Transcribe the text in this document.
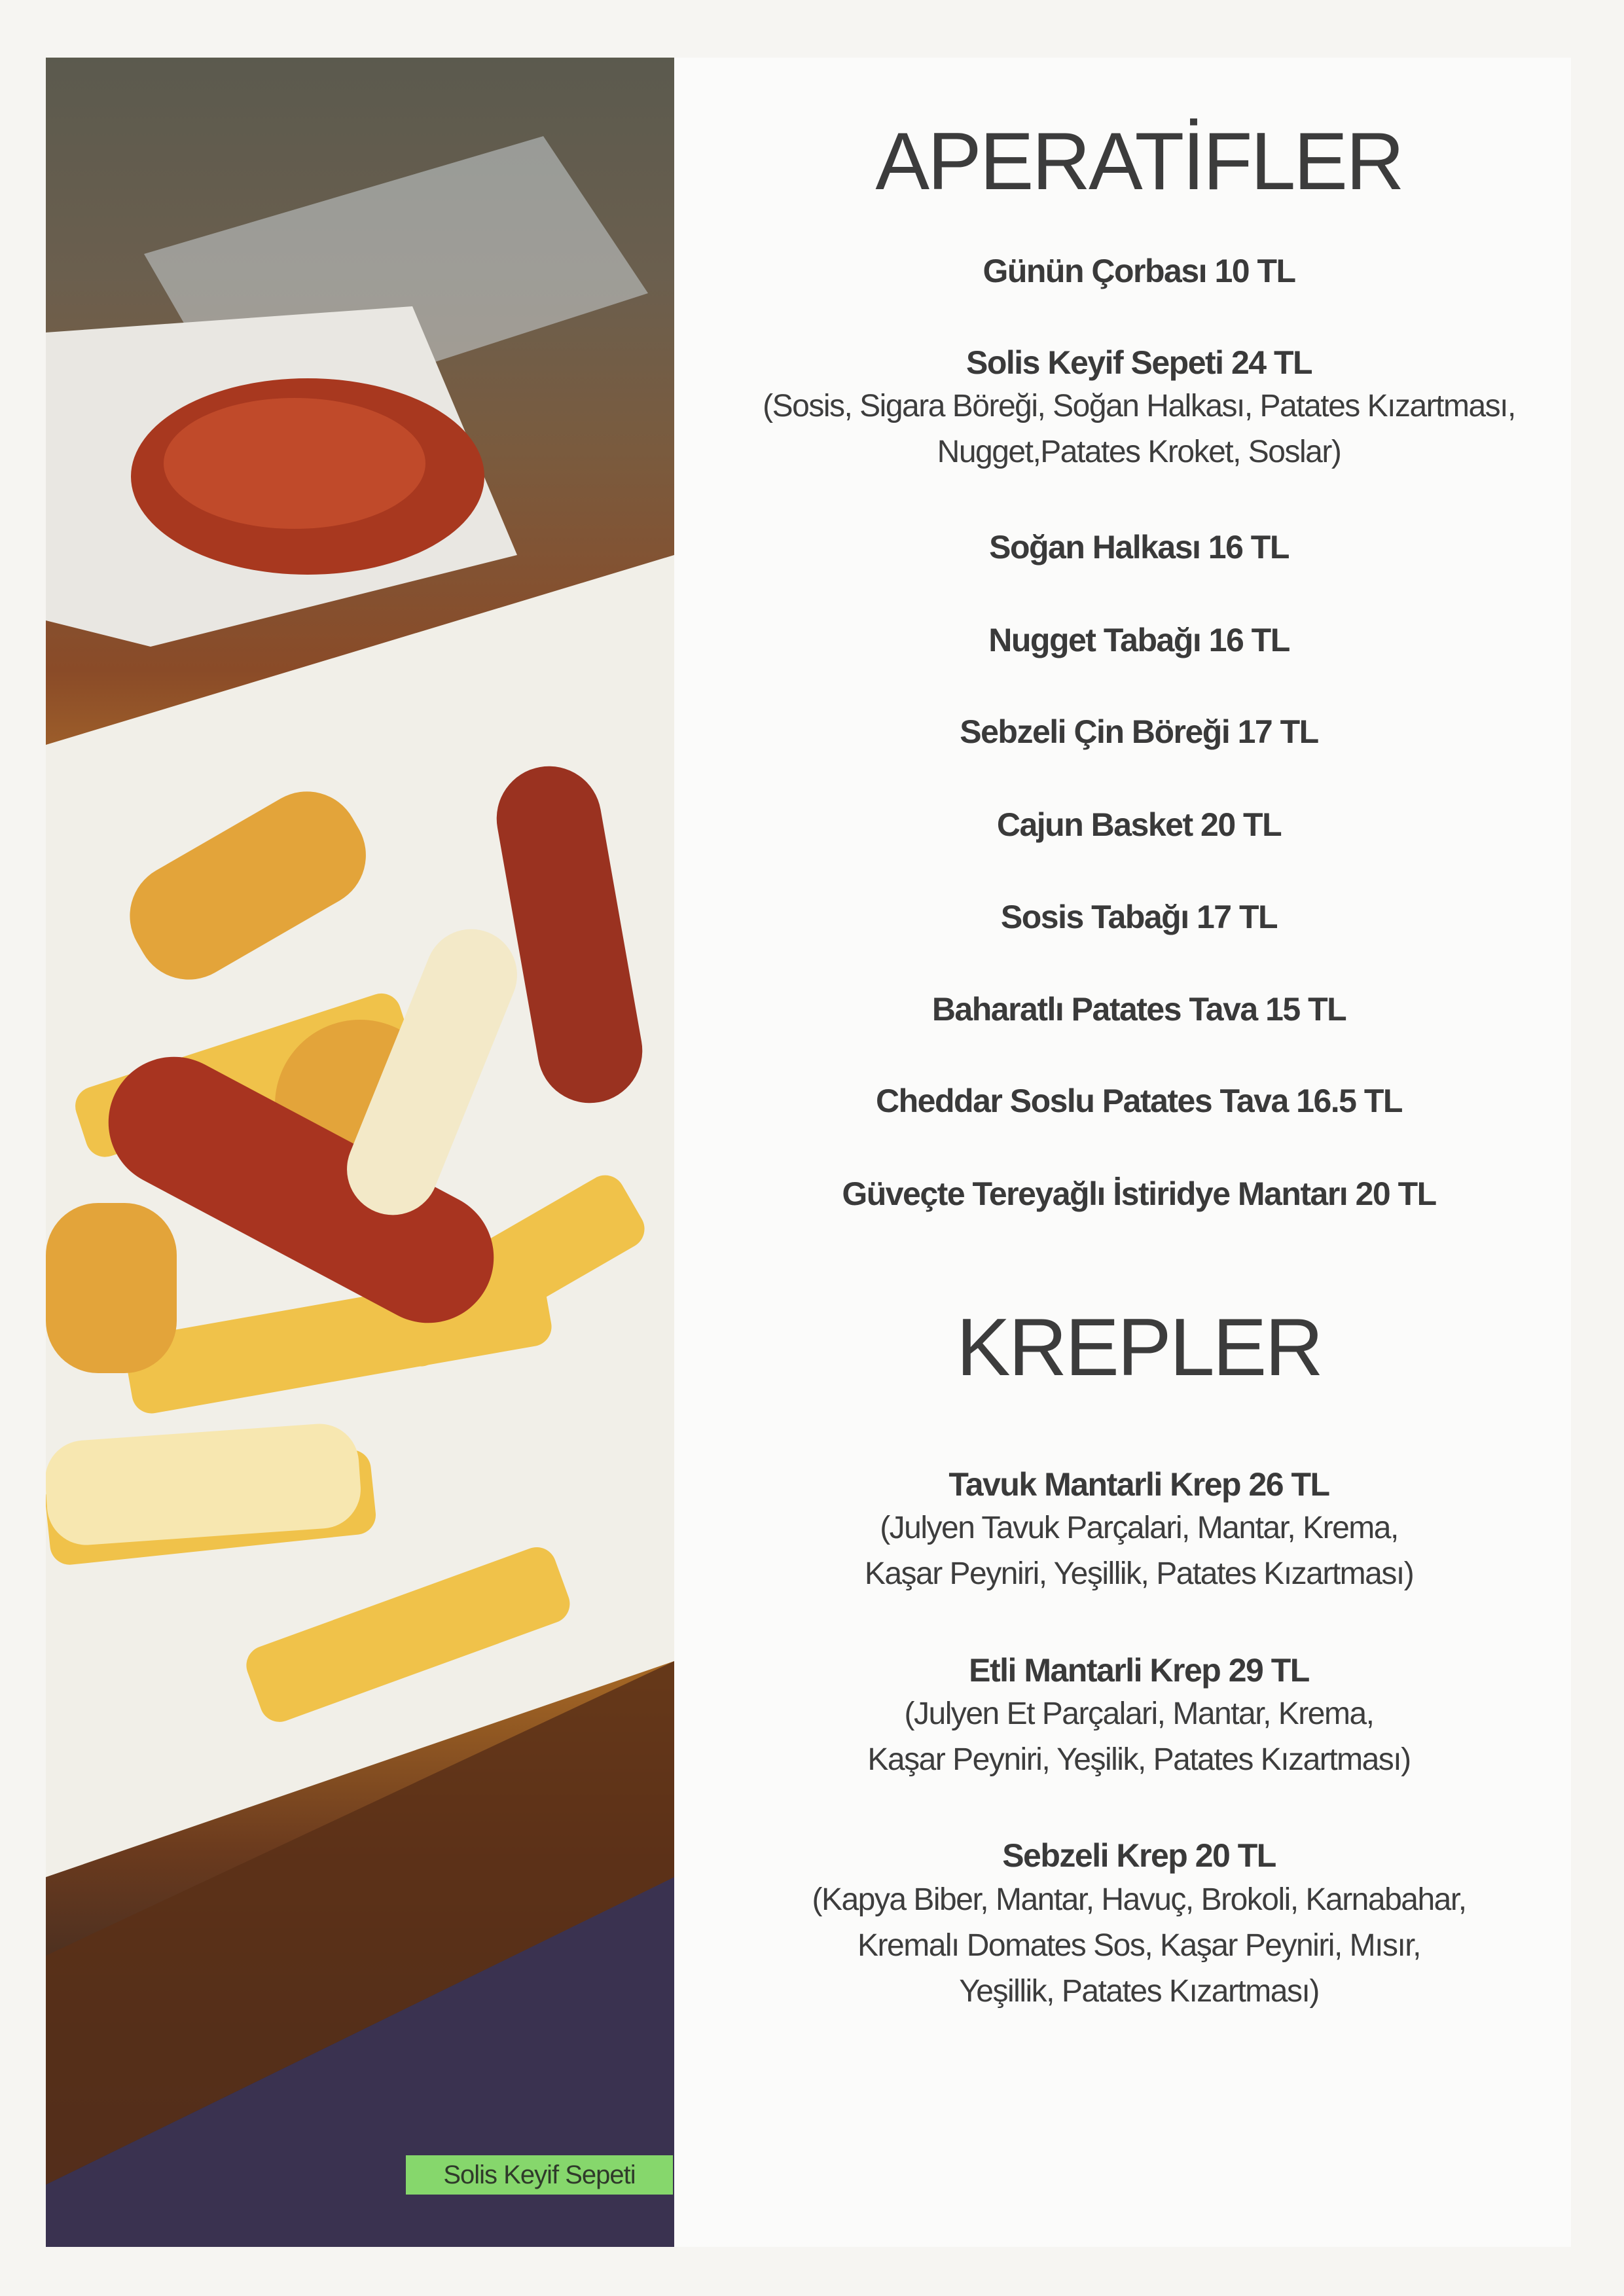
Solis Keyif Sepeti
APERATİFLER
Günün Çorbası 10 TL
Solis Keyif Sepeti 24 TL
(Sosis, Sigara Böreği, Soğan Halkası, Patates Kızartması,
Nugget,Patates Kroket, Soslar)
Soğan Halkası 16 TL
Nugget Tabağı 16 TL
Sebzeli Çin Böreği 17 TL
Cajun Basket 20 TL
Sosis Tabağı 17 TL
Baharatlı Patates Tava 15 TL
Cheddar Soslu Patates Tava 16.5 TL
Güveçte Tereyağlı İstiridye Mantarı 20 TL
KREPLER
Tavuk Mantarli Krep 26 TL
(Julyen Tavuk Parçalari, Mantar, Krema,
Kaşar Peyniri, Yeşillik, Patates Kızartması)
Etli Mantarli Krep 29 TL
(Julyen Et Parçalari, Mantar, Krema,
Kaşar Peyniri, Yeşilik, Patates Kızartması)
Sebzeli Krep 20 TL
(Kapya Biber, Mantar, Havuç, Brokoli, Karnabahar,
Kremalı Domates Sos, Kaşar Peyniri, Mısır,
Yeşillik, Patates Kızartması)
